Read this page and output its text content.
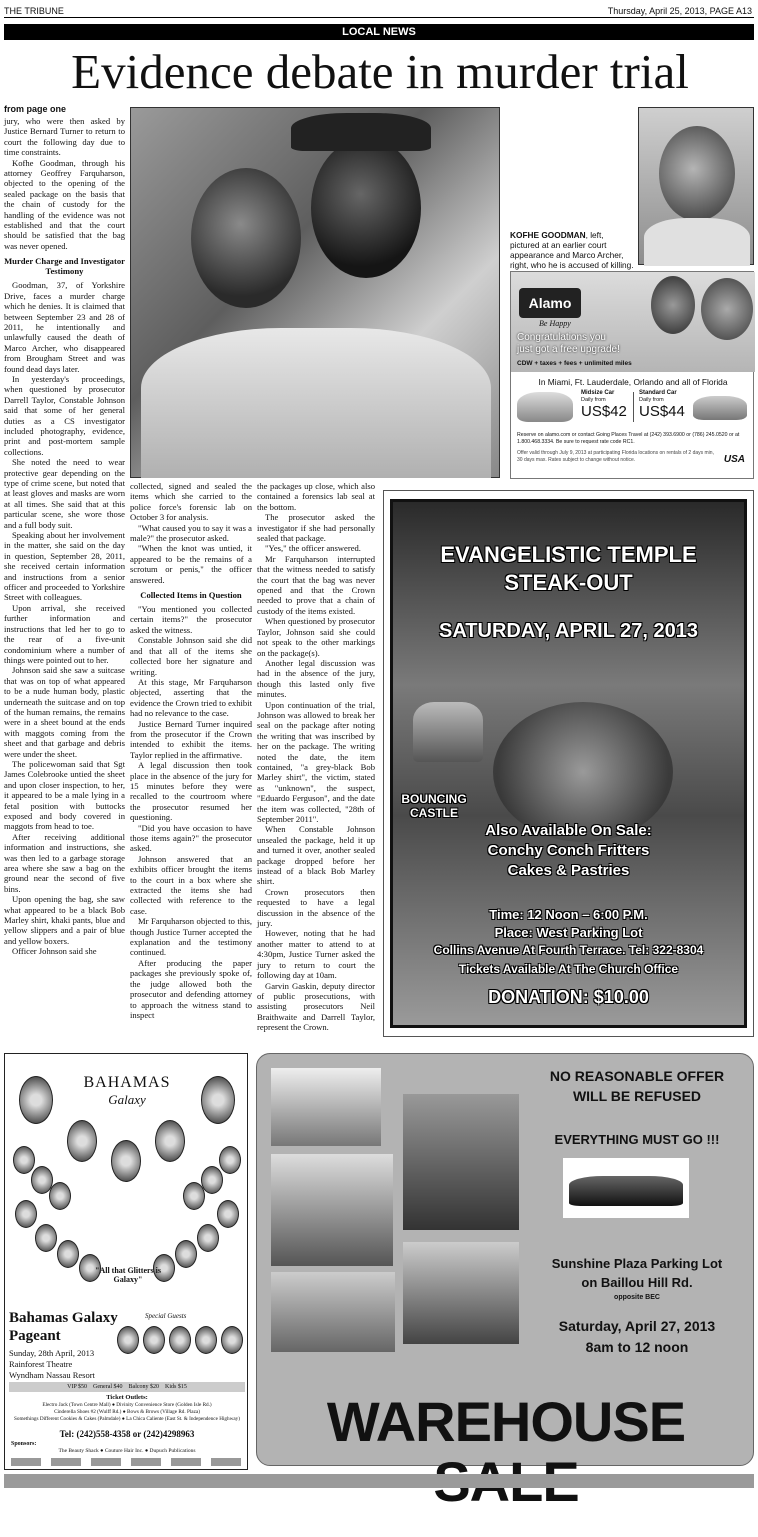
THE TRIBUNE	Thursday, April 25, 2013, PAGE A13
LOCAL NEWS
Evidence debate in murder trial
from page one

jury, who were then asked by Justice Bernard Turner to return to court the following day due to time constraints.

Kofhe Goodman, through his attorney Geoffrey Farquharson, objected to the opening of the sealed package on the basis that the chain of custody for the handling of the evidence was not established and that the court should be satisfied that the bag was never opened.

Murder Charge and Investigator Testimony

Goodman, 37, of Yorkshire Drive, faces a murder charge which he denies. It is claimed that between September 23 and 28 of 2011, he intentionally and unlawfully caused the death of Marco Archer, who disappeared from Brougham Street and was found dead days later.

In yesterday's proceedings, when questioned by prosecutor Darrell Taylor, Constable Johnson said that some of her general duties as a CS investigator included photography, evidence, print and post-mortem sample collections.

She noted the need to wear protective gear depending on the type of crime scene, but noted that at least gloves and masks are worn at all times. She said that at this particular scene, she wore those and a full body suit.

Speaking about her involvement in the matter, she said on the day in question, September 28, 2011, she received certain information and instructions from a senior officer and proceeded to Yorkshire Street with colleagues.

Upon arrival, she received further information and instructions that led her to go to the rear of a five-unit condominium where a number of things were pointed out to her.

Johnson said she saw a suitcase that was on top of what appeared to be a nude human body, plastic underneath the suitcase and on top of the human remains, the remains were in a sheet bound at the ends with maggots coming from the sheet and that garbage and debris were under the sheet.

The policewoman said that Sgt James Colebrooke untied the sheet and upon closer inspection, to her, it appeared to be a male lying in a fetal position with buttocks exposed and body covered in maggots from head to toe.

After receiving additional information and instructions, she was then led to a garbage storage area where she saw a bag on the ground near the second of five bins.

Upon opening the bag, she saw what appeared to be a black Bob Marley shirt, khaki pants, blue and yellow slippers and a pair of blue and yellow boxers.

Officer Johnson said she

collected, signed and sealed the items which she carried to the police force's forensic lab on October 3 for analysis.

"What caused you to say it was a male?" the prosecutor asked.

"When the knot was untied, it appeared to be the remains of a scrotum or penis," the officer answered.

Collected Items in Question

"You mentioned you collected certain items?" the prosecutor asked the witness.

Constable Johnson said she did and that all of the items she collected bore her signature and writing.

At this stage, Mr Farquharson objected, asserting that the evidence the Crown tried to exhibit had no relevance to the case.

Justice Bernard Turner inquired from the prosecutor if the Crown intended to exhibit the items. Taylor replied in the affirmative.

A legal discussion then took place in the absence of the jury for 15 minutes before they were recalled to the courtroom where the prosecutor resumed her questioning.

"Did you have occasion to have those items again?" the prosecutor asked.

Johnson answered that an exhibits officer brought the items to the court in a box where she extracted the items she had collected with reference to the case.

Mr Farquharson objected to this, though Justice Turner accepted the explanation and the testimony continued.

After producing the paper packages she previously spoke of, the judge allowed both the prosecutor and defending attorney to approach the witness stand to inspect

the packages up close, which also contained a forensics lab seal at the bottom.

The prosecutor asked the investigator if she had personally sealed that package.

"Yes," the officer answered.

Mr Farquharson interrupted that the witness needed to satisfy the court that the bag was never opened and that the Crown needed to prove that a chain of custody of the items existed.

When questioned by prosecutor Taylor, Johnson said she could not speak to the other markings on the package(s).

Another legal discussion was had in the absence of the jury, though this lasted only five minutes.

Upon continuation of the trial, Johnson was allowed to break her seal on the package after noting the writing that was inscribed by her on the package. The writing noted the date, the item contained, "a grey-black Bob Marley shirt", the victim, stated as "unknown", the suspect, "Eduardo Ferguson", and the date the item was collected, "28th of September 2011".

When Constable Johnson unsealed the package, held it up and turned it over, another sealed package dropped before her instead of a black Bob Marley shirt.

Crown prosecutors then requested to have a legal discussion in the absence of the jury.

However, noting that he had another matter to attend to at 4:30pm, Justice Turner asked the jury to return to court the following day at 10am.

Garvin Gaskin, deputy director of public prosecutions, with assisting prosecutors Neil Braithwaite and Darrell Taylor, represent the Crown.

KOFHE GOODMAN, left, pictured at an earlier court appearance and Marco Archer, right, who he is accused of killing.
Alamo
Be Happy
Congratulations you
just got a free upgrade!
CDW + taxes + fees + unlimited miles
In Miami, Ft. Lauderdale, Orlando and all of Florida
Midsize Car
Daily from
US$42
Standard Car
Daily from
US$44
Reserve on alamo.com or contact Going Places Travel at (242) 393.6900 or (786) 245.0520 or at 1.800.468.3334. Be sure to request rate code RC1.
Offer valid through July 9, 2013 at participating Florida locations on rentals of 2 days min, 30 days max. Rates subject to change without notice.	USA
EVANGELISTIC TEMPLE
STEAK-OUT
SATURDAY, APRIL 27, 2013
BOUNCING CASTLE
Also Available On Sale:
Conchy Conch Fritters
Cakes & Pastries
Time: 12 Noon – 6:00 P.M.
Place: West Parking Lot
Collins Avenue At Fourth Terrace. Tel: 322-8304
Tickets Available At The Church Office
DONATION: $10.00
BAHAMAS
Galaxy
"All that Glitters is Galaxy"
Bahamas Galaxy
Pageant
Special Guests
Sunday, 28th April, 2013
Rainforest Theatre
Wyndham Nassau Resort
VIP $50    General $40    Balcony $20    Kids $15
Ticket Outlets:
Electro Jack (Town Centre Mall) ● Divinity Convenience Store (Golden Isle Rd.)
Cinderella Shoes #2 (Wulff Rd.) ● Bows & Brows (Village Rd. Plaza)
Somethings Different Cookies & Cakes (Palmdale) ● La Chica Caliente (East St. & Independence Highway)
Tel: (242)558-4358 or (242)4298963
Sponsors:
The Beauty Shack ● Couture Hair Inc. ● Dupuch Publications
NO REASONABLE OFFER
WILL BE REFUSED
EVERYTHING MUST GO !!!
Sunshine Plaza Parking Lot
on Baillou Hill Rd.
opposite BEC
Saturday, April 27, 2013
8am to 12 noon
WAREHOUSE
